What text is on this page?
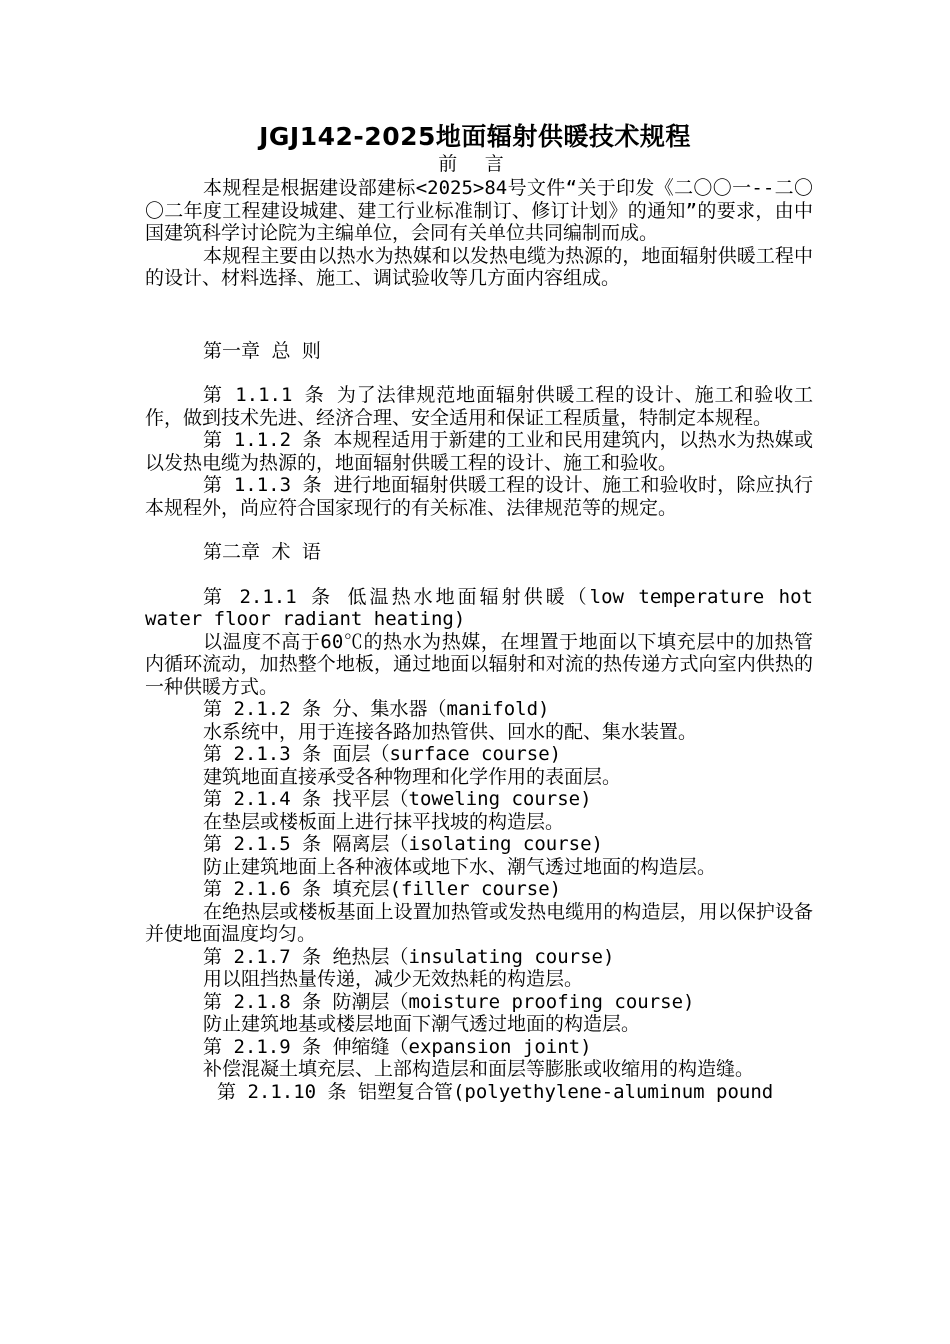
JGJ142-2025地面辐射供暖技术规程
前 言

本规程是根据建设部建标<2025>84号文件“关于印发《二〇〇一--二〇〇二年度工程建设城建、建工行业标准制订、修订计划》的通知”的要求，由中国建筑科学讨论院为主编单位，会同有关单位共同编制而成。

本规程主要由以热水为热媒和以发热电缆为热源的，地面辐射供暖工程中的设计、材料选择、施工、调试验收等几方面内容组成。

第一章 总 则

第 1.1.1 条 为了法律规范地面辐射供暖工程的设计、施工和验收工作，做到技术先进、经济合理、安全适用和保证工程质量，特制定本规程。

第 1.1.2 条 本规程适用于新建的工业和民用建筑内，以热水为热媒或以发热电缆为热源的，地面辐射供暖工程的设计、施工和验收。

第 1.1.3 条 进行地面辐射供暖工程的设计、施工和验收时，除应执行本规程外，尚应符合国家现行的有关标准、法律规范等的规定。

第二章 术 语

第 2.1.1 条 低温热水地面辐射供暖（low temperature hot water floor radiant heating)

以温度不高于60℃的热水为热媒，在埋置于地面以下填充层中的加热管内循环流动，加热整个地板，通过地面以辐射和对流的热传递方式向室内供热的一种供暖方式。

第 2.1.2 条 分、集水器（manifold)

水系统中，用于连接各路加热管供、回水的配、集水装置。

第 2.1.3 条 面层（surface course)

建筑地面直接承受各种物理和化学作用的表面层。

第 2.1.4 条 找平层（toweling course)

在垫层或楼板面上进行抹平找坡的构造层。

第 2.1.5 条 隔离层（isolating course)

防止建筑地面上各种液体或地下水、潮气透过地面的构造层。

第 2.1.6 条 填充层(filler course)

在绝热层或楼板基面上设置加热管或发热电缆用的构造层，用以保护设备并使地面温度均匀。

第 2.1.7 条 绝热层（insulating course)

用以阻挡热量传递，减少无效热耗的构造层。

第 2.1.8 条 防潮层（moisture proofing course)

防止建筑地基或楼层地面下潮气透过地面的构造层。

第 2.1.9 条 伸缩缝（expansion joint)

补偿混凝土填充层、上部构造层和面层等膨胀或收缩用的构造缝。

第 2.1.10 条 铝塑复合管(polyethylene-aluminum pound
